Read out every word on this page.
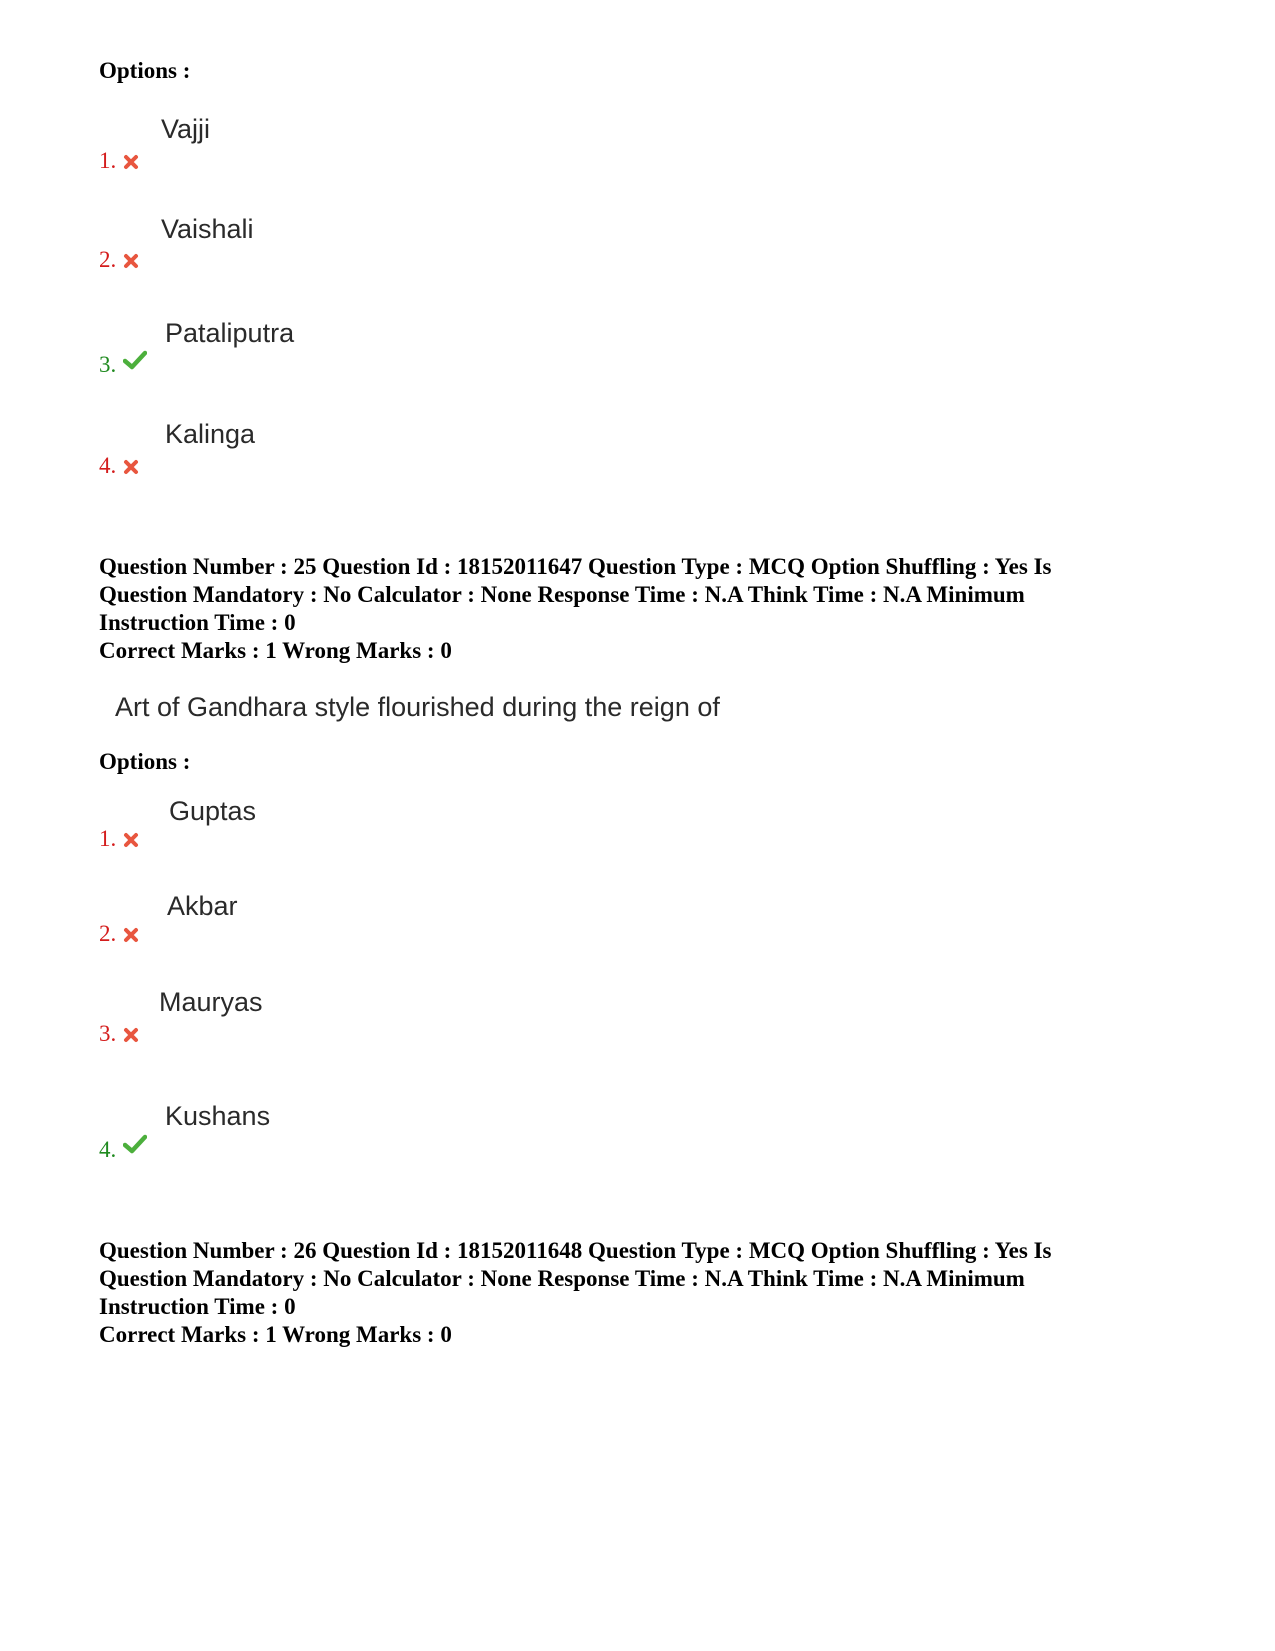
Options :
Vajji
1.
Vaishali
2.
Pataliputra
3.
Kalinga
4.
Question Number : 25 Question Id : 18152011647 Question Type : MCQ Option Shuffling : Yes Is
Question Mandatory : No Calculator : None Response Time : N.A Think Time : N.A Minimum
Instruction Time : 0
Correct Marks : 1 Wrong Marks : 0
Art of Gandhara style flourished during the reign of
Options :
Guptas
1.
Akbar
2.
Mauryas
3.
Kushans
4.
Question Number : 26 Question Id : 18152011648 Question Type : MCQ Option Shuffling : Yes Is
Question Mandatory : No Calculator : None Response Time : N.A Think Time : N.A Minimum
Instruction Time : 0
Correct Marks : 1 Wrong Marks : 0
